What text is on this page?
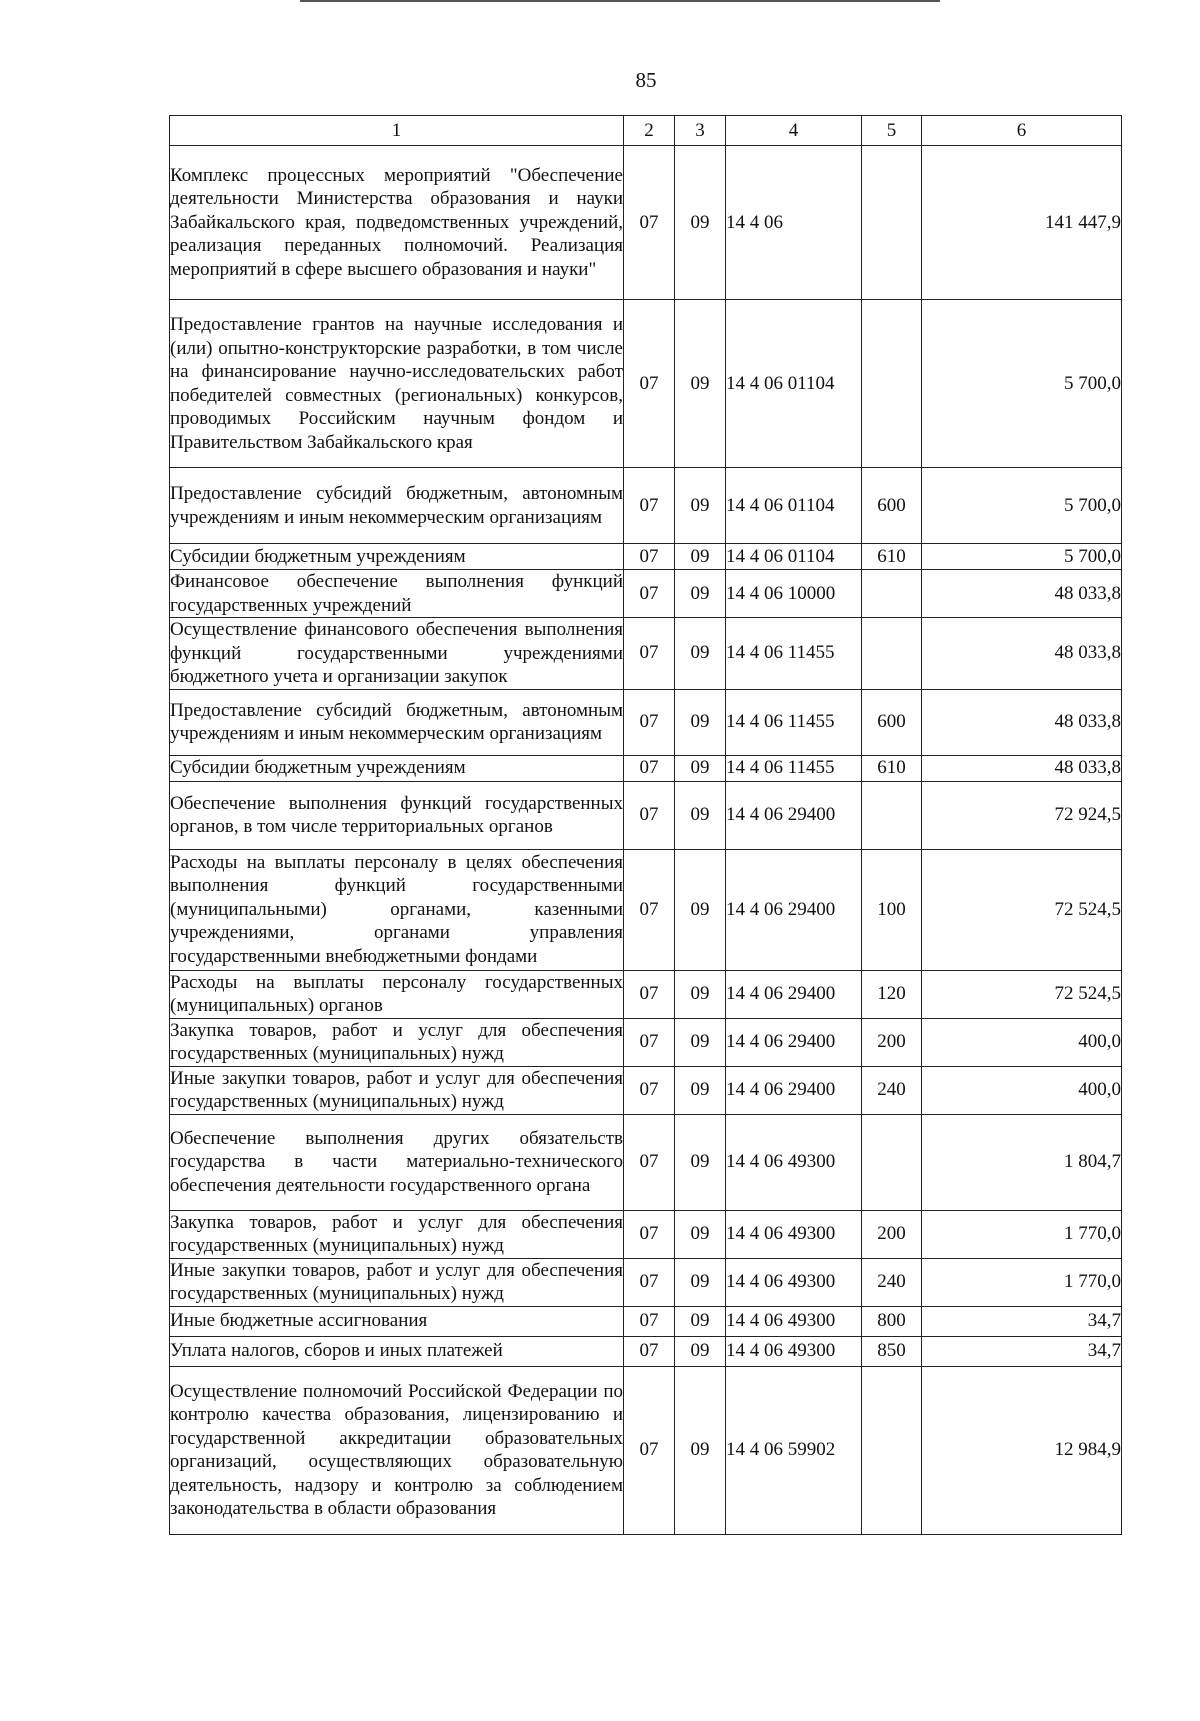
85
1	2	3	4	5	6
Комплекс процессных мероприятий "Обеспечение деятельности Министерства образования и науки Забайкальского края, подведомственных учреждений, реализация переданных полномочий. Реализация мероприятий в сфере высшего образования и науки"	07	09	14 4 06		141 447,9
Предоставление грантов на научные исследования и (или) опытно-конструкторские разработки, в том числе на финансирование научно-исследовательских работ победителей совместных (региональных) конкурсов, проводимых Российским научным фондом и Правительством Забайкальского края	07	09	14 4 06 01104		5 700,0
Предоставление субсидий бюджетным, автономным учреждениям и иным некоммерческим организациям	07	09	14 4 06 01104	600	5 700,0
Субсидии бюджетным учреждениям	07	09	14 4 06 01104	610	5 700,0
Финансовое обеспечение выполнения функций государственных учреждений	07	09	14 4 06 10000		48 033,8
Осуществление финансового обеспечения выполнения функций государственными учреждениями бюджетного учета и организации закупок	07	09	14 4 06 11455		48 033,8
Предоставление субсидий бюджетным, автономным учреждениям и иным некоммерческим организациям	07	09	14 4 06 11455	600	48 033,8
Субсидии бюджетным учреждениям	07	09	14 4 06 11455	610	48 033,8
Обеспечение выполнения функций государственных органов, в том числе территориальных органов	07	09	14 4 06 29400		72 924,5
Расходы на выплаты персоналу в целях обеспечения выполнения функций государственными (муниципальными) органами, казенными учреждениями, органами управления государственными внебюджетными фондами	07	09	14 4 06 29400	100	72 524,5
Расходы на выплаты персоналу государственных (муниципальных) органов	07	09	14 4 06 29400	120	72 524,5
Закупка товаров, работ и услуг для обеспечения государственных (муниципальных) нужд	07	09	14 4 06 29400	200	400,0
Иные закупки товаров, работ и услуг для обеспечения государственных (муниципальных) нужд	07	09	14 4 06 29400	240	400,0
Обеспечение выполнения других обязательств государства в части материально-технического обеспечения деятельности государственного органа	07	09	14 4 06 49300		1 804,7
Закупка товаров, работ и услуг для обеспечения государственных (муниципальных) нужд	07	09	14 4 06 49300	200	1 770,0
Иные закупки товаров, работ и услуг для обеспечения государственных (муниципальных) нужд	07	09	14 4 06 49300	240	1 770,0
Иные бюджетные ассигнования	07	09	14 4 06 49300	800	34,7
Уплата налогов, сборов и иных платежей	07	09	14 4 06 49300	850	34,7
Осуществление полномочий Российской Федерации по контролю качества образования, лицензированию и государственной аккредитации образовательных организаций, осуществляющих образовательную деятельность, надзору и контролю за соблюдением законодательства в области образования	07	09	14 4 06 59902		12 984,9
